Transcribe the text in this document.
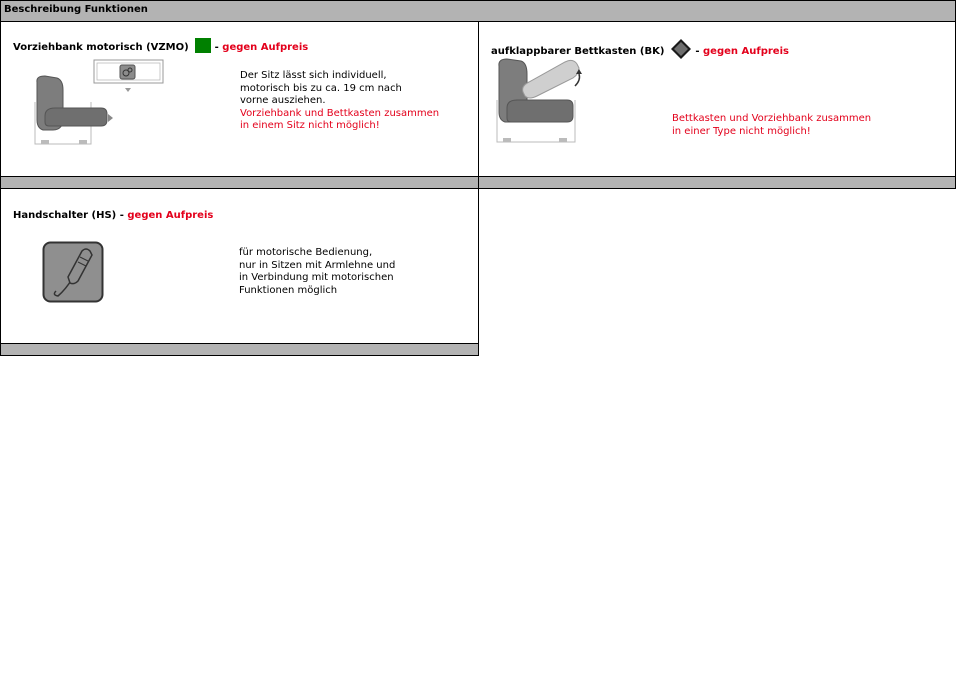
Beschreibung Funktionen
Vorziehbank motorisch (VZMO)	- gegen Aufpreis
Der Sitz lässt sich individuell,
motorisch bis zu ca. 19 cm nach
vorne ausziehen.
Vorziehbank und Bettkasten zusammen
in einem Sitz nicht möglich!
aufklappbarer Bettkasten (BK)	- gegen Aufpreis
Bettkasten und Vorziehbank zusammen
in einer Type nicht möglich!
Handschalter (HS) - gegen Aufpreis
für motorische Bedienung,
nur in Sitzen mit Armlehne und
in Verbindung mit motorischen
Funktionen möglich
